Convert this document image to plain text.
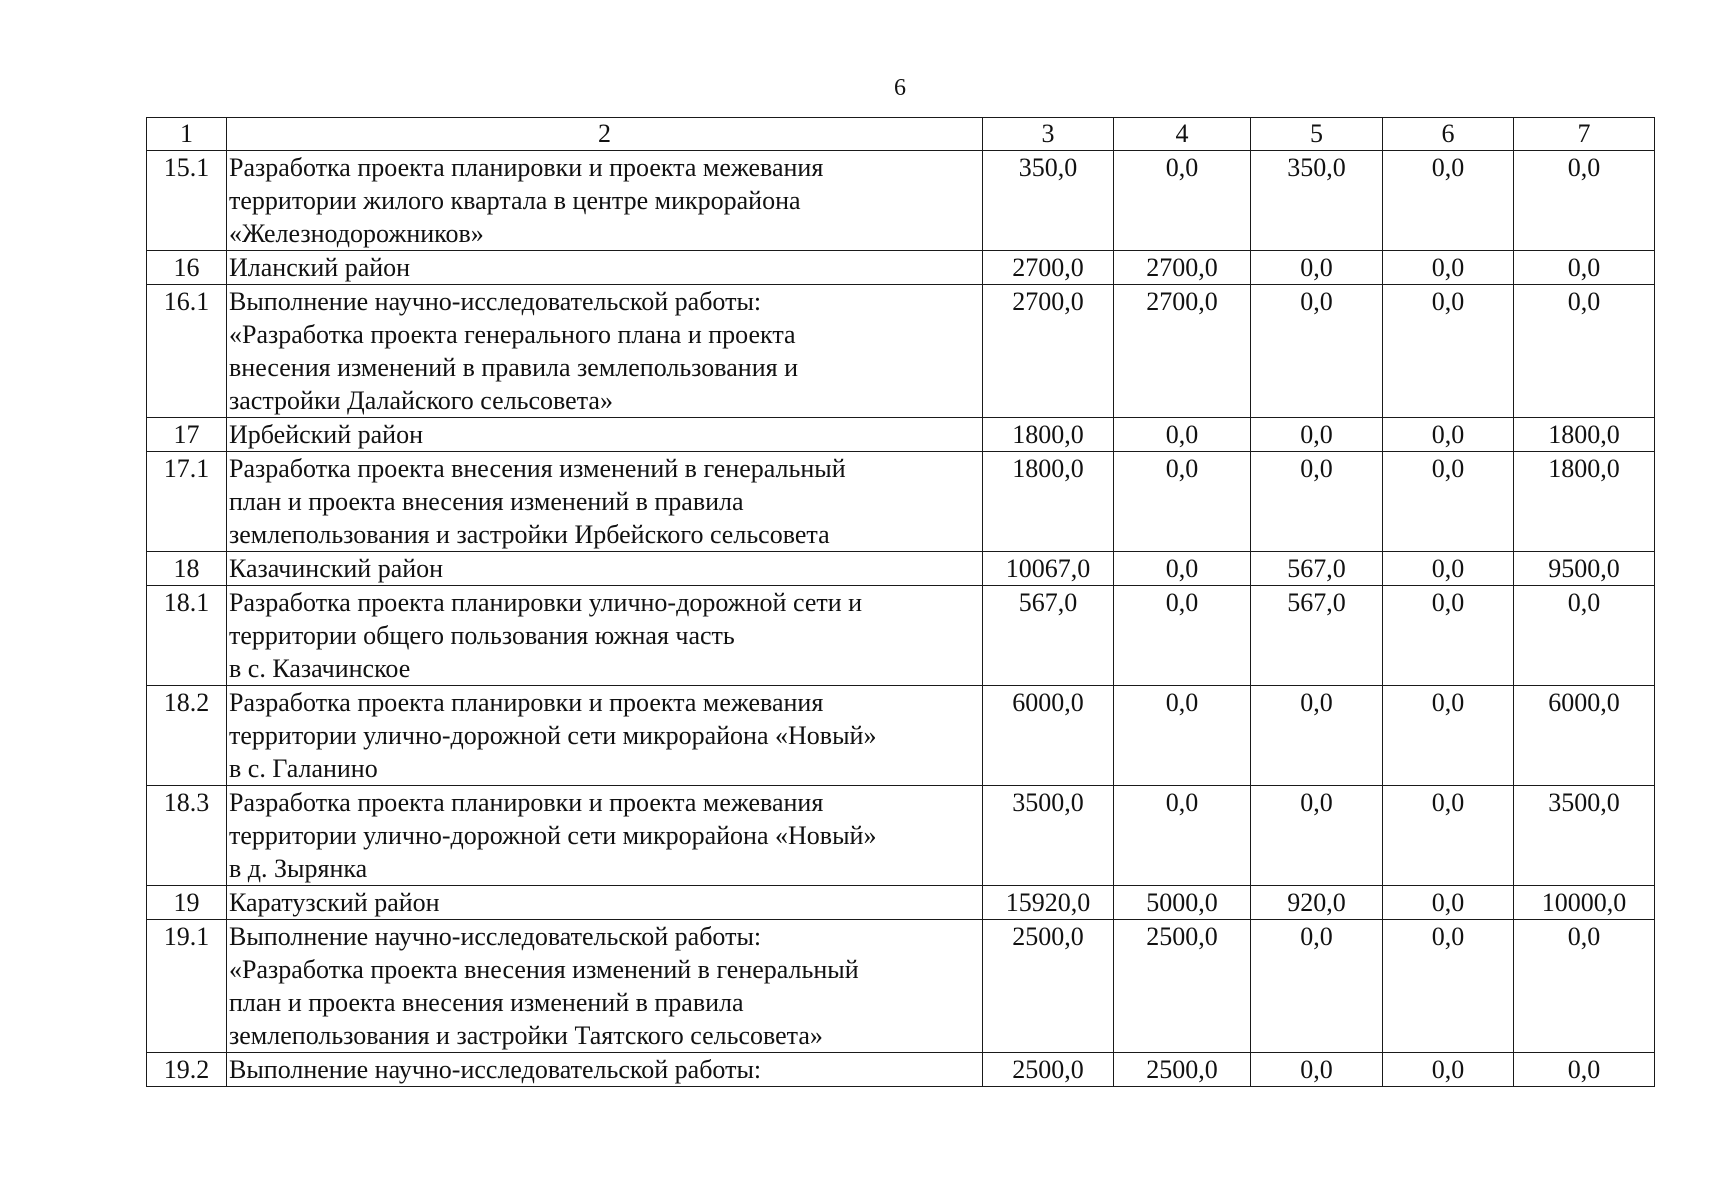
6
1	2	3	4	5	6	7
15.1	Разработка проекта планировки и проекта межевания
территории жилого квартала в центре микрорайона
«Железнодорожников»	350,0	0,0	350,0	0,0	0,0
16	Иланский район	2700,0	2700,0	0,0	0,0	0,0
16.1	Выполнение научно-исследовательской работы:
«Разработка проекта генерального плана и проекта
внесения изменений в правила землепользования и
застройки Далайского сельсовета»	2700,0	2700,0	0,0	0,0	0,0
17	Ирбейский район	1800,0	0,0	0,0	0,0	1800,0
17.1	Разработка проекта внесения изменений в генеральный
план и проекта внесения изменений в правила
землепользования и застройки Ирбейского сельсовета	1800,0	0,0	0,0	0,0	1800,0
18	Казачинский район	10067,0	0,0	567,0	0,0	9500,0
18.1	Разработка проекта планировки улично-дорожной сети и
территории общего пользования южная часть
в с. Казачинское	567,0	0,0	567,0	0,0	0,0
18.2	Разработка проекта планировки и проекта межевания
территории улично-дорожной сети микрорайона «Новый»
в с. Галанино	6000,0	0,0	0,0	0,0	6000,0
18.3	Разработка проекта планировки и проекта межевания
территории улично-дорожной сети микрорайона «Новый»
в д. Зырянка	3500,0	0,0	0,0	0,0	3500,0
19	Каратузский район	15920,0	5000,0	920,0	0,0	10000,0
19.1	Выполнение научно-исследовательской работы:
«Разработка проекта внесения изменений в генеральный
план и проекта внесения изменений в правила
землепользования и застройки Таятского сельсовета»	2500,0	2500,0	0,0	0,0	0,0
19.2	Выполнение научно-исследовательской работы:	2500,0	2500,0	0,0	0,0	0,0
